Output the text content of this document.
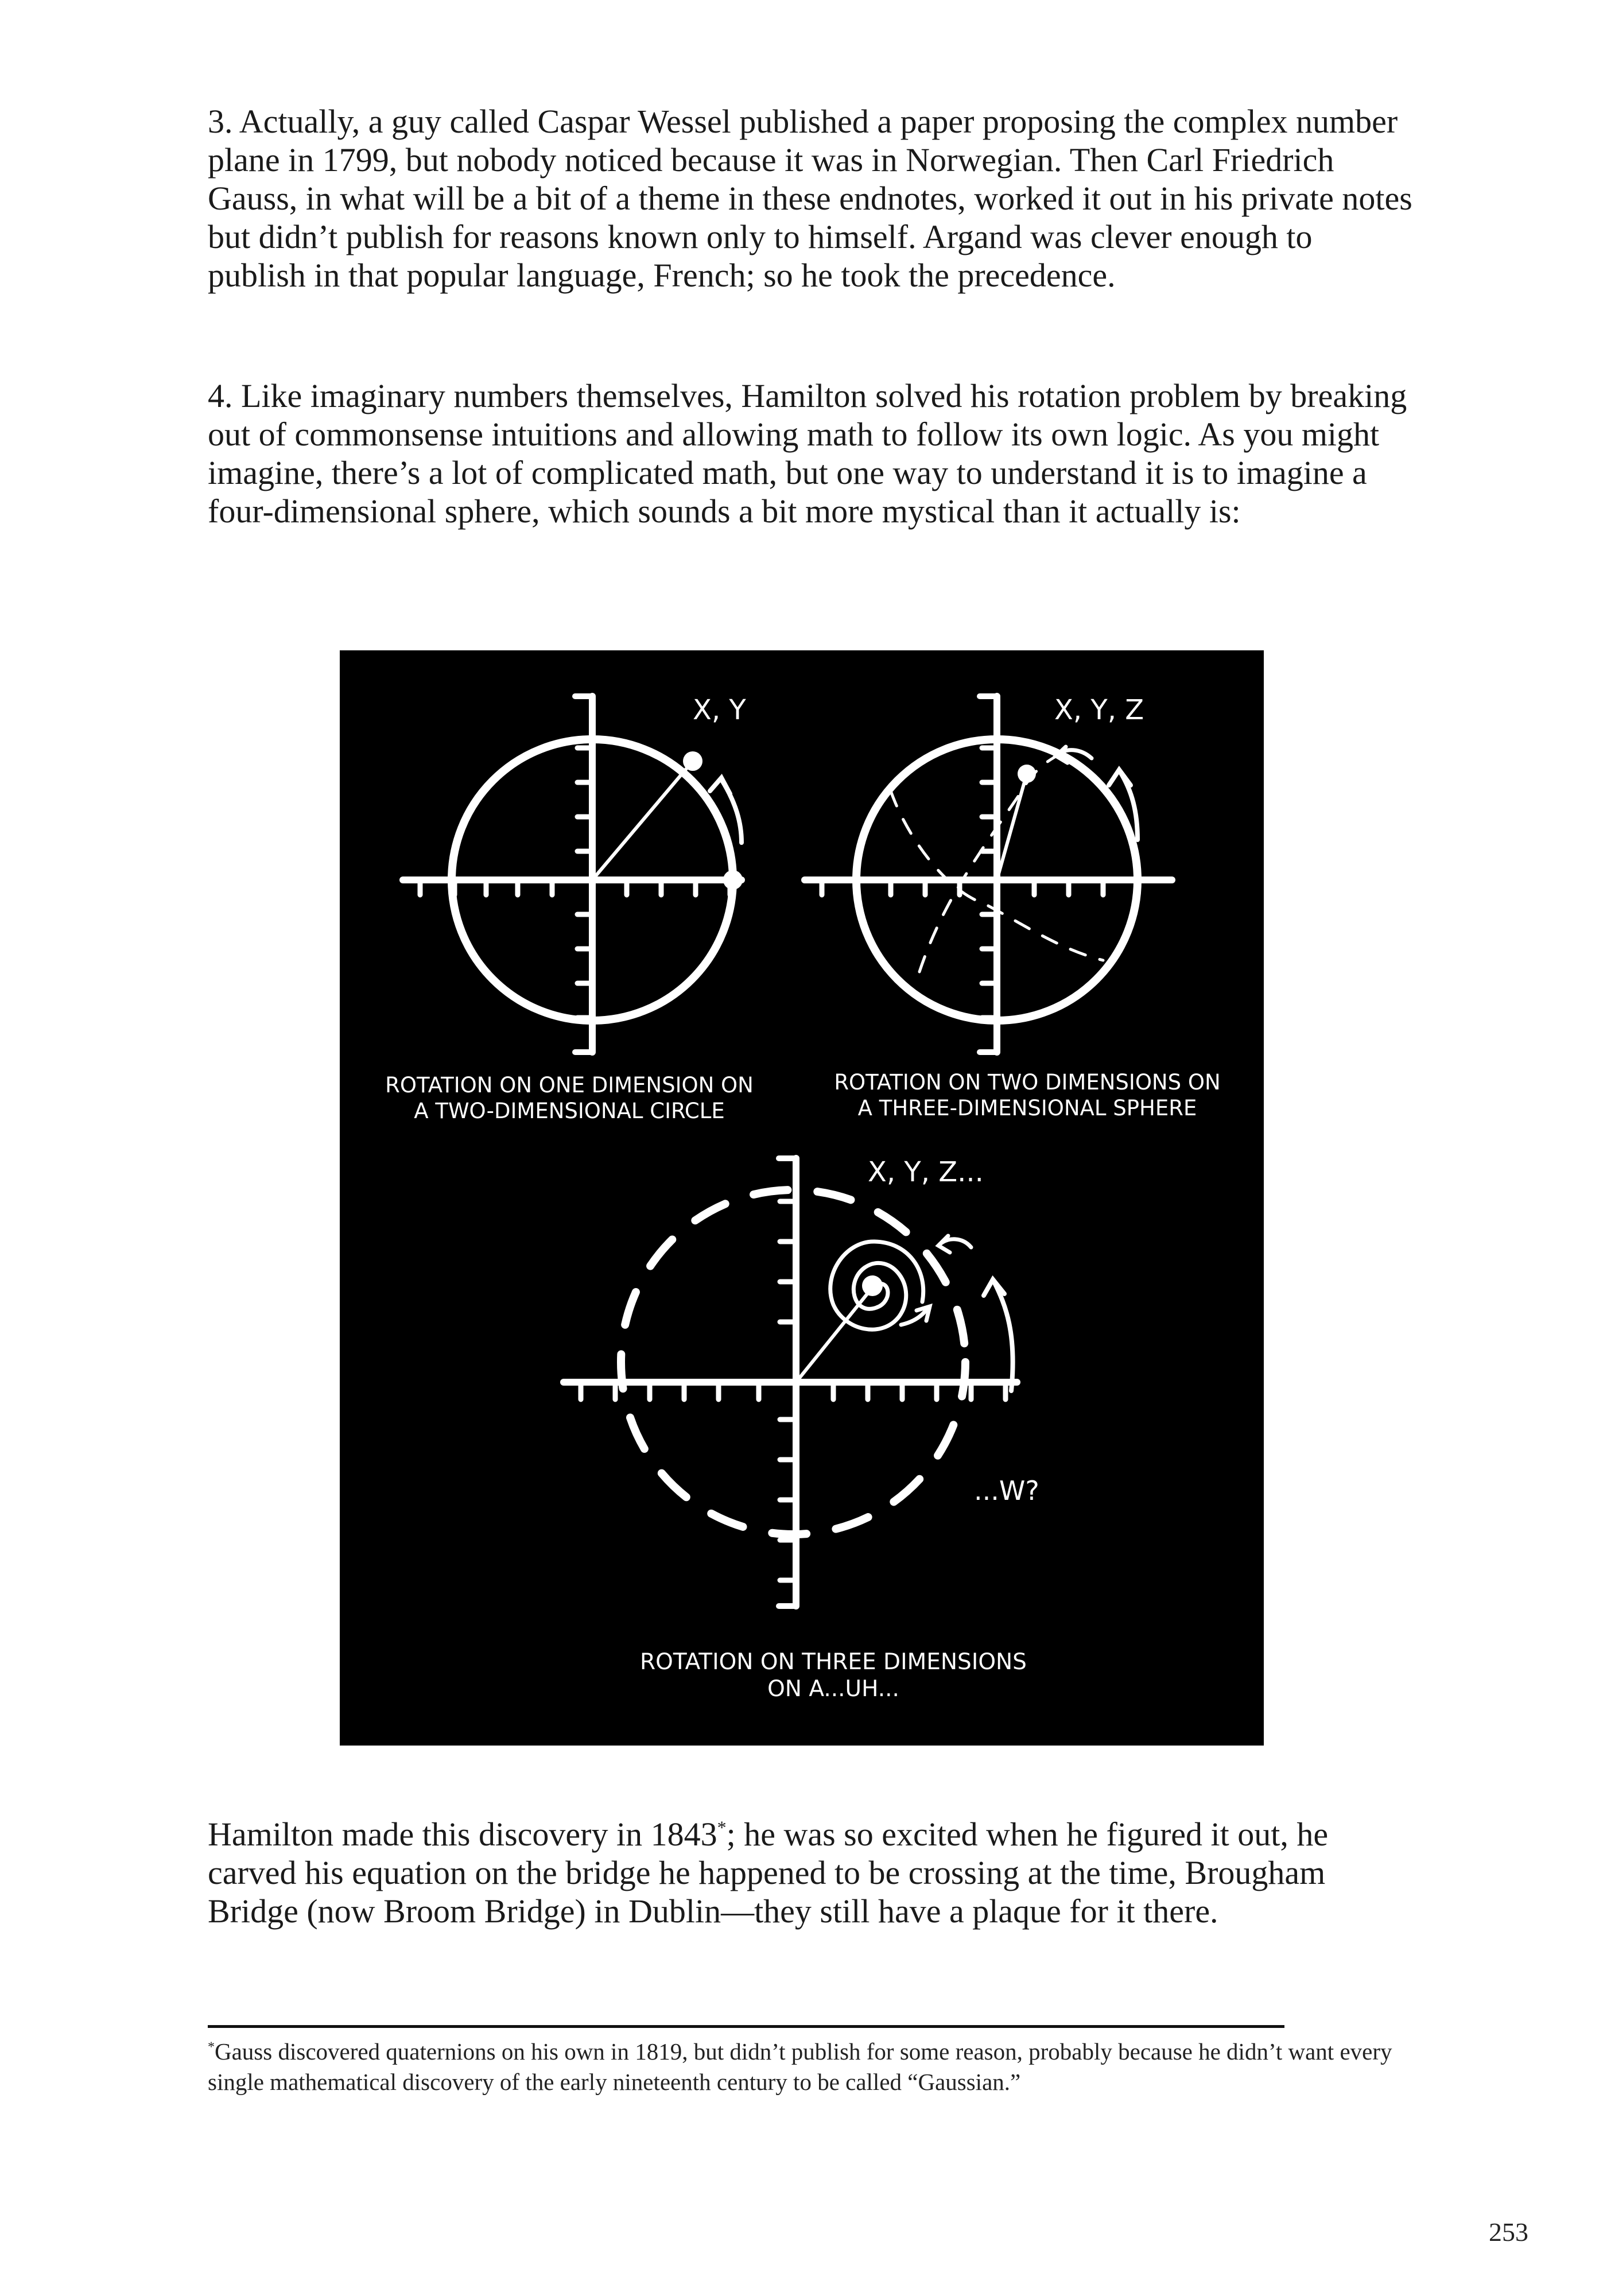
3. Actually, a guy called Caspar Wessel published a paper proposing the complex number plane in 1799, but nobody noticed because it was in Norwegian. Then Carl Friedrich Gauss, in what will be a bit of a theme in these endnotes, worked it out in his private notes but didn’t publish for reasons known only to himself. Argand was clever enough to publish in that popular language, French; so he took the precedence.

4. Like imaginary numbers themselves, Hamilton solved his rotation problem by breaking out of commonsense intuitions and allowing math to follow its own logic. As you might imagine, there’s a lot of complicated math, but one way to understand it is to imagine a four-dimensional sphere, which sounds a bit more mystical than it actually is:

X, Y	X, Y, Z
X, Y, Z...
...W?
ROTATION ON ONE DIMENSION ON
A TWO-DIMENSIONAL CIRCLE
ROTATION ON TWO DIMENSIONS ON
A THREE-DIMENSIONAL SPHERE
ROTATION ON THREE DIMENSIONS
ON A...UH...

Hamilton made this discovery in 1843*; he was so excited when he figured it out, he carved his equation on the bridge he happened to be crossing at the time, Brougham Bridge (now Broom Bridge) in Dublin—they still have a plaque for it there.

*Gauss discovered quaternions on his own in 1819, but didn’t publish for some reason, probably because he didn’t want every single mathematical discovery of the early nineteenth century to be called “Gaussian.”

253
